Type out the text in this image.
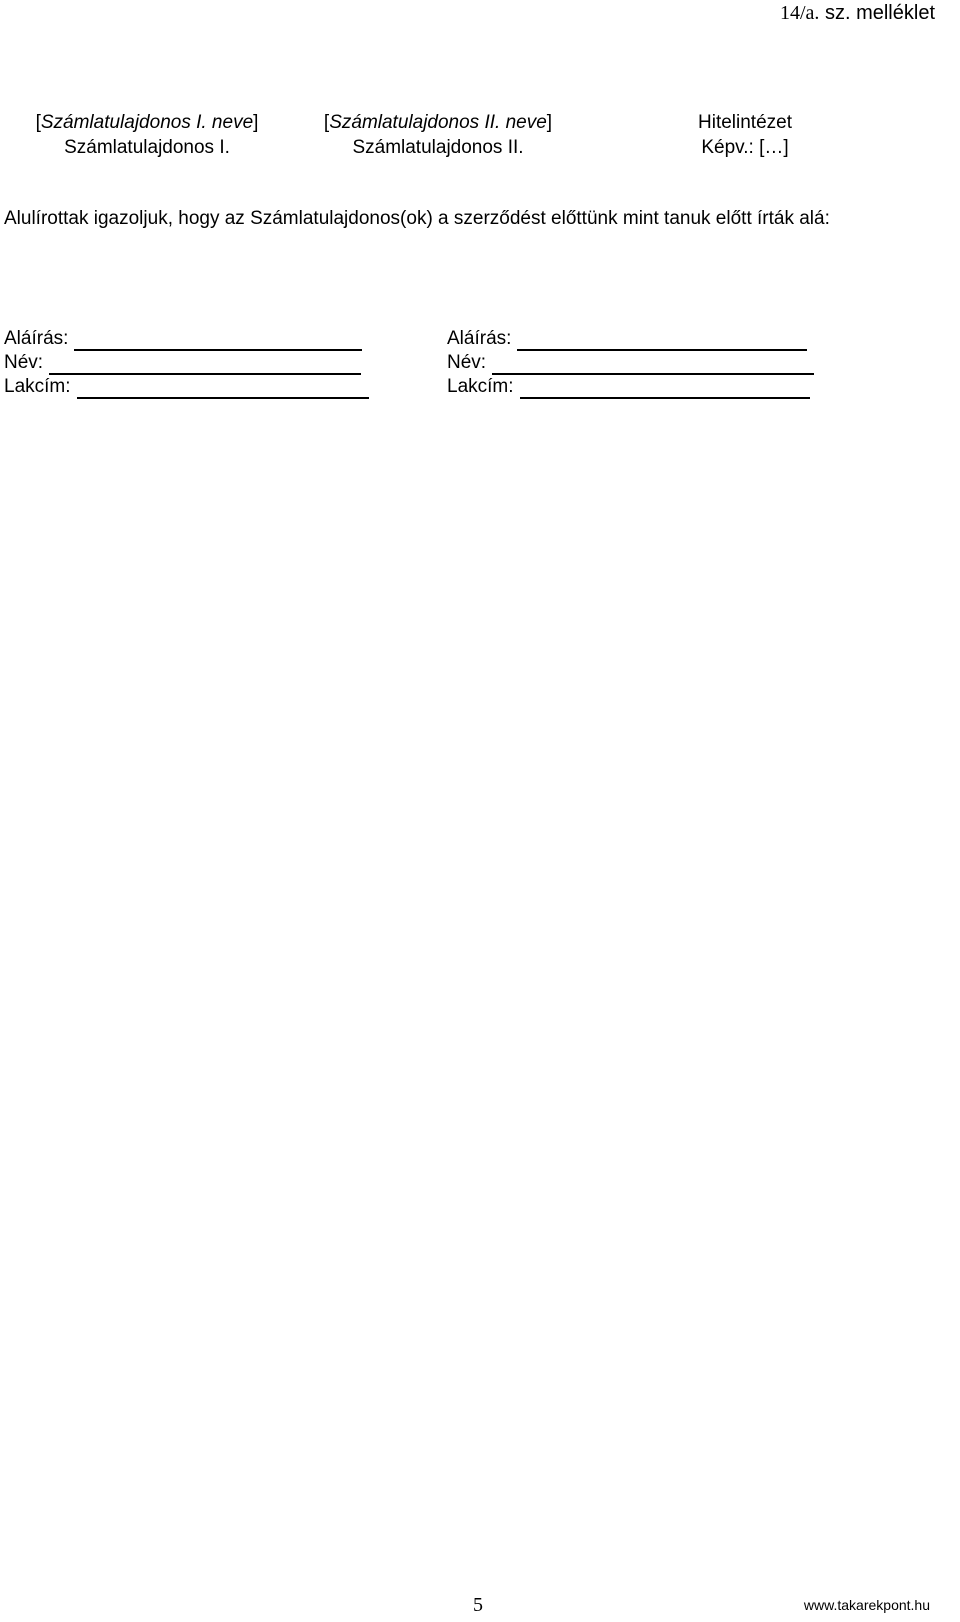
14/a. sz. melléklet
[Számlatulajdonos I. neve]
Számlatulajdonos I.
[Számlatulajdonos II. neve]
Számlatulajdonos II.
Hitelintézet
Képv.: […]
Alulírottak igazoljuk, hogy az Számlatulajdonos(ok) a szerződést előttünk mint tanuk előtt írták alá:
Aláírás:
Név:
Lakcím:
Aláírás:
Név:
Lakcím:
5	www.takarekpont.hu
